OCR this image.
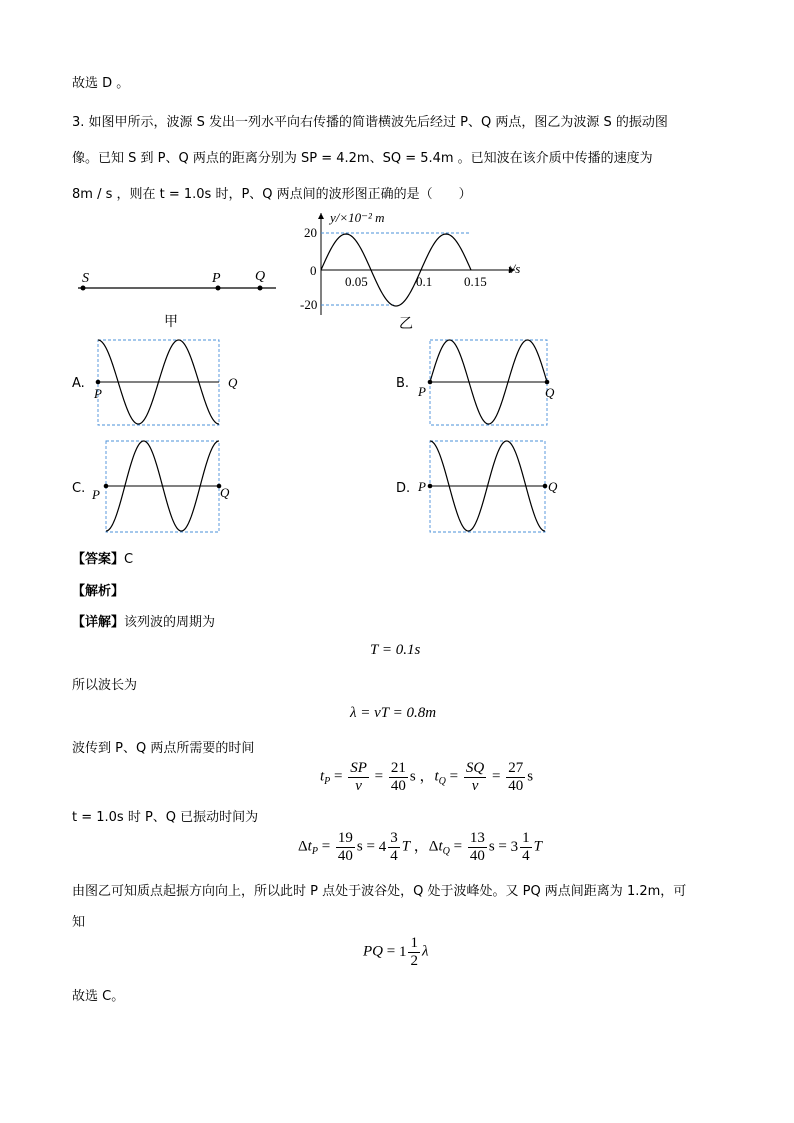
故选 D 。
3. 如图甲所示，波源 S 发出一列水平向右传播的简谐横波先后经过 P、Q 两点，图乙为波源 S 的振动图
像。已知 S 到 P、Q 两点的距离分别为 SP = 4.2m、SQ = 5.4m 。已知波在该介质中传播的速度为
8m / s ，则在 t = 1.0s 时，P、Q 两点间的波形图正确的是（　　）
S	P Q
甲
y/×10⁻² m
t/s
20
0
-20
0.05	0.1 0.15
乙
A.
P
Q	B.
P	Q
C. P	Q	D. P	Q
【答案】C
【解析】
【详解】该列波的周期为
T = 0.1s
所以波长为
λ = vT = 0.8m
波传到 P、Q 两点所需要的时间
$t_P = \frac{SP}{v} = \frac{21}{40}$ s ，$t_Q = \frac{SQ}{v} = \frac{27}{40}$ s
t = 1.0s 时 P、Q 已振动时间为
$\Delta t_P = \frac{19}{40}$ $s = 4 \frac{3}{4}$ T ，$\Delta t_Q = \frac{13}{40}$ $s = 3 \frac{1}{4}$ T
由图乙可知质点起振方向向上，所以此时 P 点处于波谷处，Q 处于波峰处。又 PQ 两点间距离为 1.2m，可
知
PQ = $1 \frac{1}{2}$ λ
故选 C。
